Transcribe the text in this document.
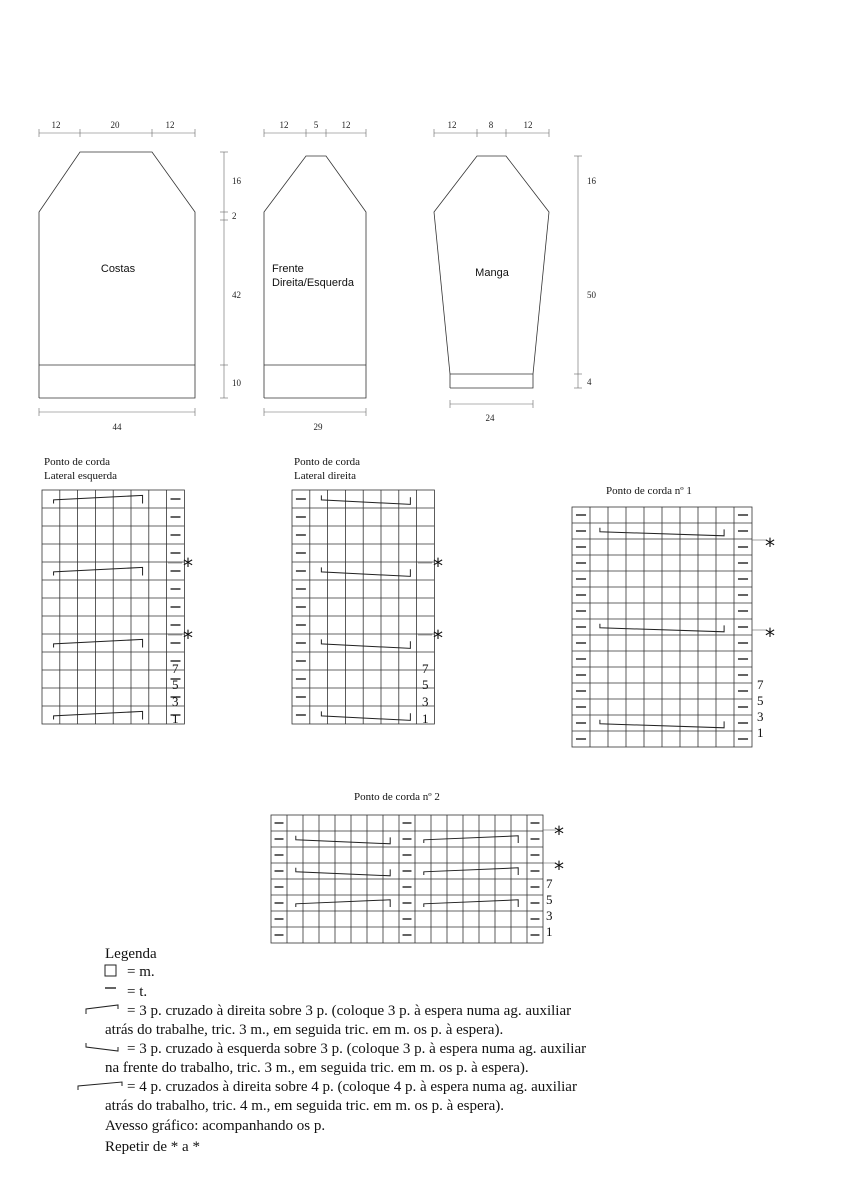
12	20	12
Costas
16
2
42
10
44
12	5	12
Frente
Direita/Esquerda
29
12	8	12
Manga
16
50
4
24
Ponto de corda
Lateral esquerda
Ponto de corda
Lateral direita
Ponto de corda nº 1
Ponto de corda nº 2
7
5
3
1
7
5
3
1
7
5
3
1
7
5
3
1
*
*
*
*
*
*
*
*
Legenda
= m.
= t.
= 3 p. cruzado à direita sobre 3 p. (coloque 3 p. à espera numa ag. auxiliar
atrás do trabalhe, tric. 3 m., em seguida tric. em m. os p. à espera).
= 3 p. cruzado à esquerda sobre 3 p. (coloque 3 p. à espera numa ag. auxiliar
na frente do trabalho, tric. 3 m., em seguida tric. em m. os p. à espera).
= 4 p. cruzados à direita sobre 4 p. (coloque 4 p. à espera numa ag. auxiliar
atrás do trabalho, tric. 4 m., em seguida tric. em m. os p. à espera).
Avesso gráfico: acompanhando os p.
Repetir de * a *
